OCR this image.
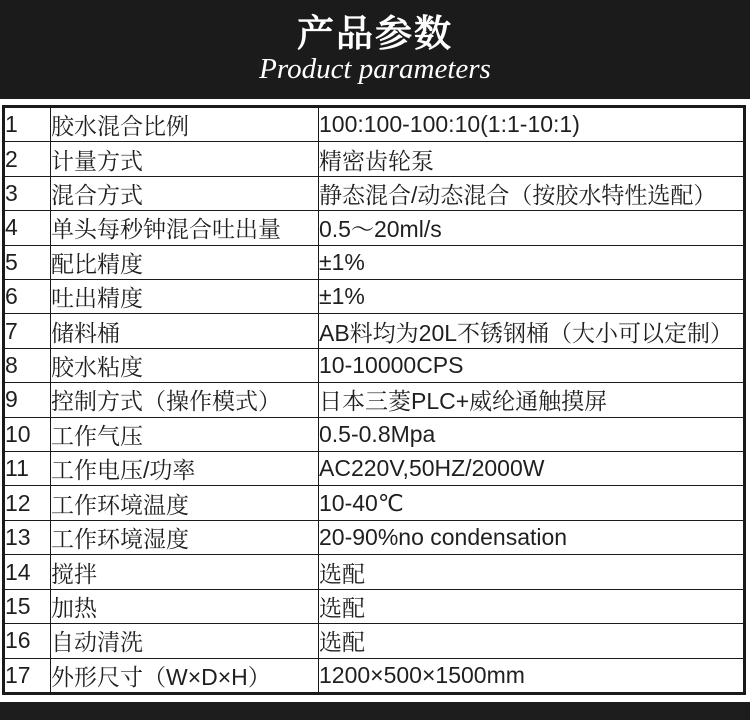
产品参数
Product parameters
1	胶水混合比例	100:100-100:10(1:1-10:1)
2	计量方式	精密齿轮泵
3	混合方式	静态混合/动态混合（按胶水特性选配）
4	单头每秒钟混合吐出量	0.5～20ml/s
5	配比精度	±1%
6	吐出精度	±1%
7	储料桶	AB料均为20L不锈钢桶（大小可以定制）
8	胶水粘度	10-10000CPS
9	控制方式（操作模式）	日本三菱PLC+威纶通触摸屏
10	工作气压	0.5-0.8Mpa
11	工作电压/功率	AC220V,50HZ/2000W
12	工作环境温度	10-40℃
13	工作环境湿度	20-90%no condensation
14	搅拌	选配
15	加热	选配
16	自动清洗	选配
17	外形尺寸（W×D×H）	1200×500×1500mm
